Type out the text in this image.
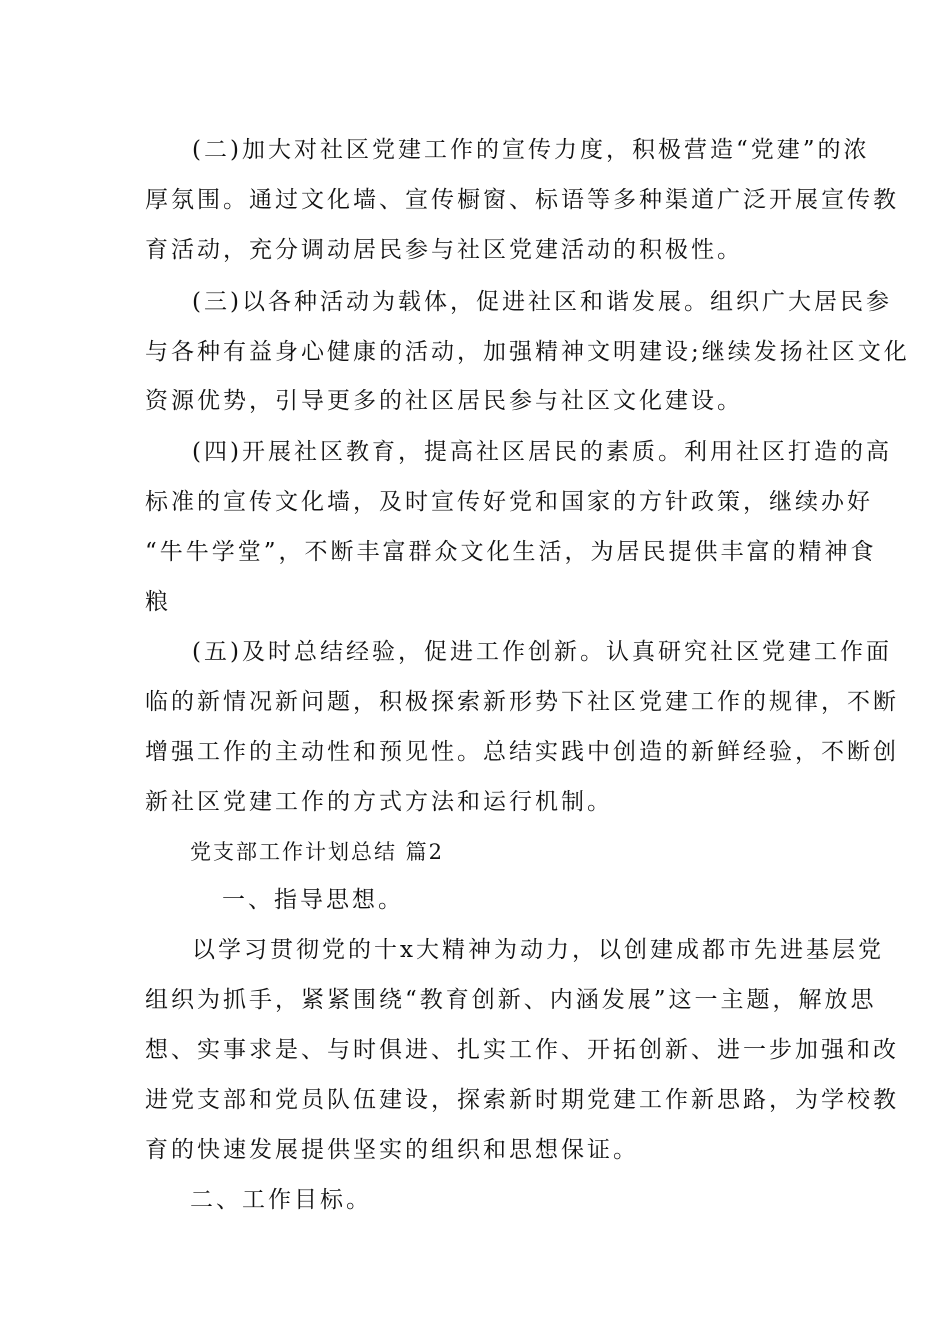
(二)加大对社区党建工作的宣传力度，积极营造“党建”的浓
厚氛围。通过文化墙、宣传橱窗、标语等多种渠道广泛开展宣传教
育活动，充分调动居民参与社区党建活动的积极性。
(三)以各种活动为载体，促进社区和谐发展。组织广大居民参
与各种有益身心健康的活动，加强精神文明建设;继续发扬社区文化
资源优势，引导更多的社区居民参与社区文化建设。
(四)开展社区教育，提高社区居民的素质。利用社区打造的高
标准的宣传文化墙，及时宣传好党和国家的方针政策，继续办好
“牛牛学堂”，不断丰富群众文化生活，为居民提供丰富的精神食
粮
(五)及时总结经验，促进工作创新。认真研究社区党建工作面
临的新情况新问题，积极探索新形势下社区党建工作的规律，不断
增强工作的主动性和预见性。总结实践中创造的新鲜经验，不断创
新社区党建工作的方式方法和运行机制。
党支部工作计划总结 篇2
一、指导思想。
以学习贯彻党的十x大精神为动力，以创建成都市先进基层党
组织为抓手，紧紧围绕“教育创新、内涵发展”这一主题，解放思
想、实事求是、与时俱进、扎实工作、开拓创新、进一步加强和改
进党支部和党员队伍建设，探索新时期党建工作新思路，为学校教
育的快速发展提供坚实的组织和思想保证。
二、工作目标。
